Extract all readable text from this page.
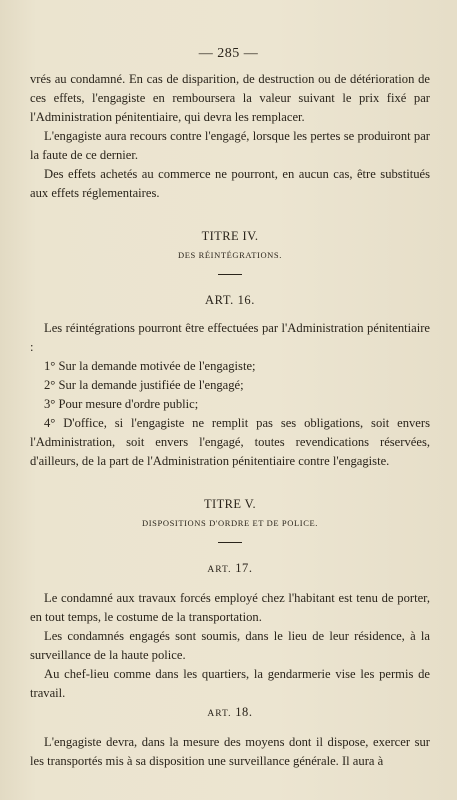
— 285 —

vrés au condamné. En cas de disparition, de destruction ou de détérioration de ces effets, l'engagiste en remboursera la valeur suivant le prix fixé par l'Administration pénitentiaire, qui devra les remplacer.

L'engagiste aura recours contre l'engagé, lorsque les pertes se produiront par la faute de ce dernier.

Des effets achetés au commerce ne pourront, en aucun cas, être substitués aux effets réglementaires.

TITRE IV.
DES RÉINTÉGRATIONS.
ART. 16.

Les réintégrations pourront être effectuées par l'Administration pénitentiaire :

1° Sur la demande motivée de l'engagiste;

2° Sur la demande justifiée de l'engagé;

3° Pour mesure d'ordre public;

4° D'office, si l'engagiste ne remplit pas ses obligations, soit envers l'Administration, soit envers l'engagé, toutes revendications réservées, d'ailleurs, de la part de l'Administration pénitentiaire contre l'engagiste.

TITRE V.
DISPOSITIONS D'ORDRE ET DE POLICE.
ART. 17.

Le condamné aux travaux forcés employé chez l'habitant est tenu de porter, en tout temps, le costume de la transportation.

Les condamnés engagés sont soumis, dans le lieu de leur résidence, à la surveillance de la haute police.

Au chef-lieu comme dans les quartiers, la gendarmerie vise les permis de travail.

ART. 18.

L'engagiste devra, dans la mesure des moyens dont il dispose, exercer sur les transportés mis à sa disposition une surveillance générale. Il aura à
